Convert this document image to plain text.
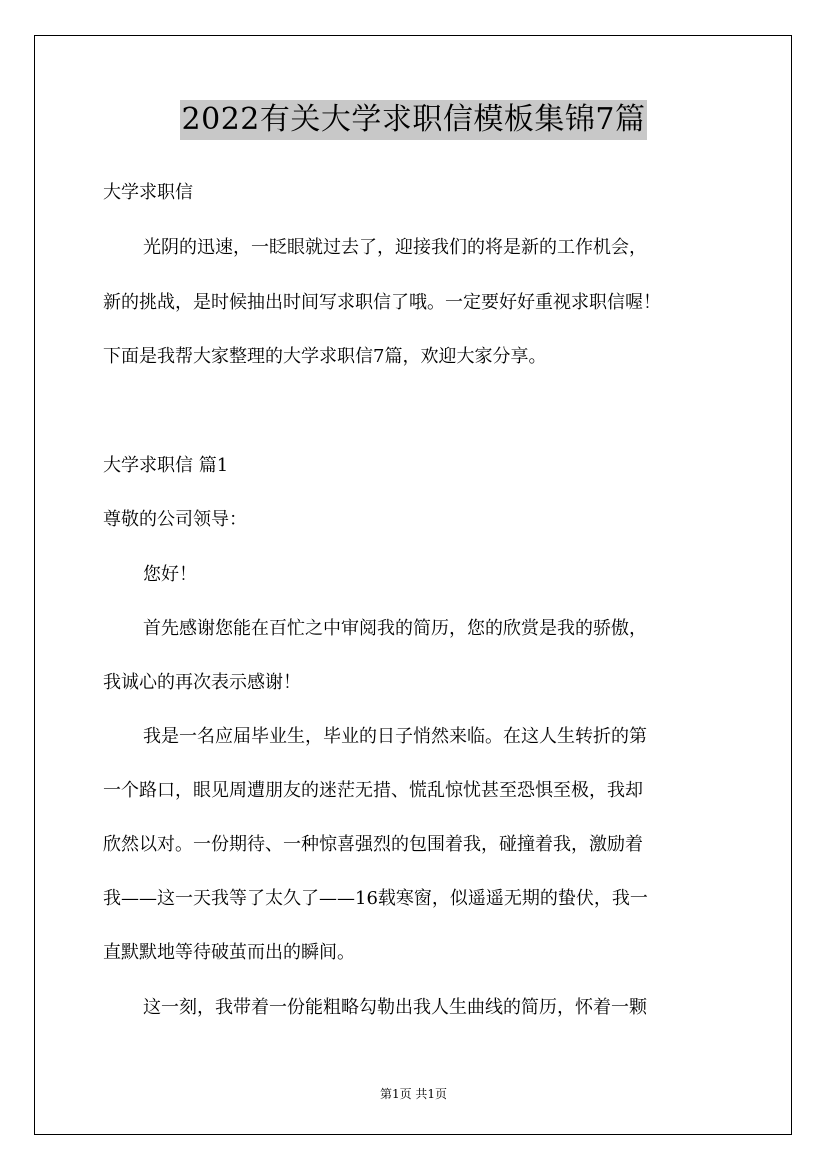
2022有关大学求职信模板集锦7篇
大学求职信
光阴的迅速，一眨眼就过去了，迎接我们的将是新的工作机会，
新的挑战，是时候抽出时间写求职信了哦。一定要好好重视求职信喔！
下面是我帮大家整理的大学求职信7篇，欢迎大家分享。
大学求职信 篇1
尊敬的公司领导：
您好！
首先感谢您能在百忙之中审阅我的简历，您的欣赏是我的骄傲，
我诚心的再次表示感谢！
我是一名应届毕业生，毕业的日子悄然来临。在这人生转折的第
一个路口，眼见周遭朋友的迷茫无措、慌乱惊忧甚至恐惧至极，我却
欣然以对。一份期待、一种惊喜强烈的包围着我，碰撞着我，激励着
我——这一天我等了太久了——16载寒窗，似遥遥无期的蛰伏，我一
直默默地等待破茧而出的瞬间。
这一刻，我带着一份能粗略勾勒出我人生曲线的简历，怀着一颗
第1页 共1页
